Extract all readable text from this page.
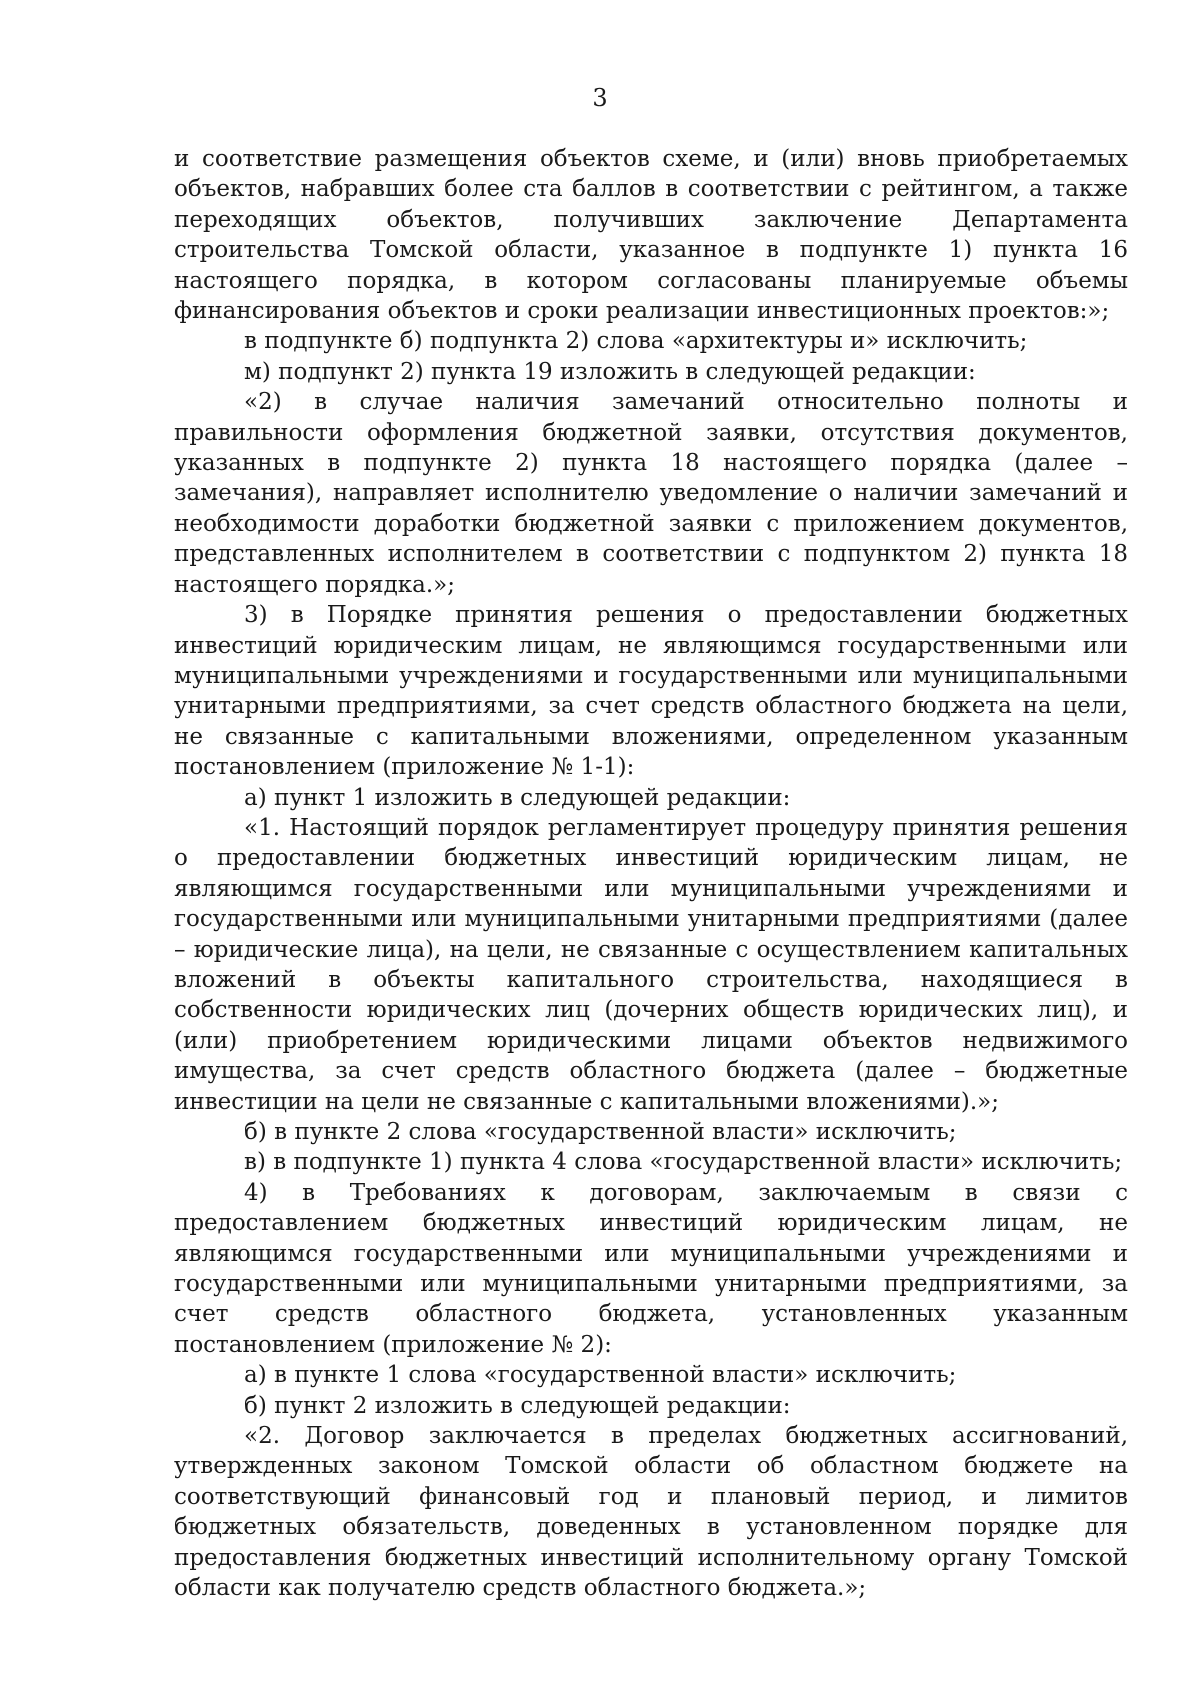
3

и соответствие размещения объектов схеме, и (или) вновь приобретаемых объектов, набравших более ста баллов в соответствии с рейтингом, а также переходящих объектов, получивших заключение Департамента строительства Томской области, указанное в подпункте 1) пункта 16 настоящего порядка, в котором согласованы планируемые объемы финансирования объектов и сроки реализации инвестиционных проектов:»;

в подпункте б) подпункта 2) слова «архитектуры и» исключить;

м) подпункт 2) пункта 19 изложить в следующей редакции:

«2) в случае наличия замечаний относительно полноты и правильности оформления бюджетной заявки, отсутствия документов, указанных в подпункте 2) пункта 18 настоящего порядка (далее – замечания), направляет исполнителю уведомление о наличии замечаний и необходимости доработки бюджетной заявки с приложением документов, представленных исполнителем в соответствии с подпунктом 2) пункта 18 настоящего порядка.»;

3) в Порядке принятия решения о предоставлении бюджетных инвестиций юридическим лицам, не являющимся государственными или муниципальными учреждениями и государственными или муниципальными унитарными предприятиями, за счет средств областного бюджета на цели, не связанные с капитальными вложениями, определенном указанным постановлением (приложение № 1-1):

а) пункт 1 изложить в следующей редакции:

«1. Настоящий порядок регламентирует процедуру принятия решения о предоставлении бюджетных инвестиций юридическим лицам, не являющимся государственными или муниципальными учреждениями и государственными или муниципальными унитарными предприятиями (далее – юридические лица), на цели, не связанные с осуществлением капитальных вложений в объекты капитального строительства, находящиеся в собственности юридических лиц (дочерних обществ юридических лиц), и (или) приобретением юридическими лицами объектов недвижимого имущества, за счет средств областного бюджета (далее – бюджетные инвестиции на цели не связанные с капитальными вложениями).»;

б) в пункте 2 слова «государственной власти» исключить;

в) в подпункте 1) пункта 4 слова «государственной власти» исключить;

4) в Требованиях к договорам, заключаемым в связи с предоставлением бюджетных инвестиций юридическим лицам, не являющимся государственными или муниципальными учреждениями и государственными или муниципальными унитарными предприятиями, за счет средств областного бюджета, установленных указанным постановлением (приложение № 2):

а) в пункте 1 слова «государственной власти» исключить;

б) пункт 2 изложить в следующей редакции:

«2. Договор заключается в пределах бюджетных ассигнований, утвержденных законом Томской области об областном бюджете на соответствующий финансовый год и плановый период, и лимитов бюджетных обязательств, доведенных в установленном порядке для предоставления бюджетных инвестиций исполнительному органу Томской области как получателю средств областного бюджета.»;
